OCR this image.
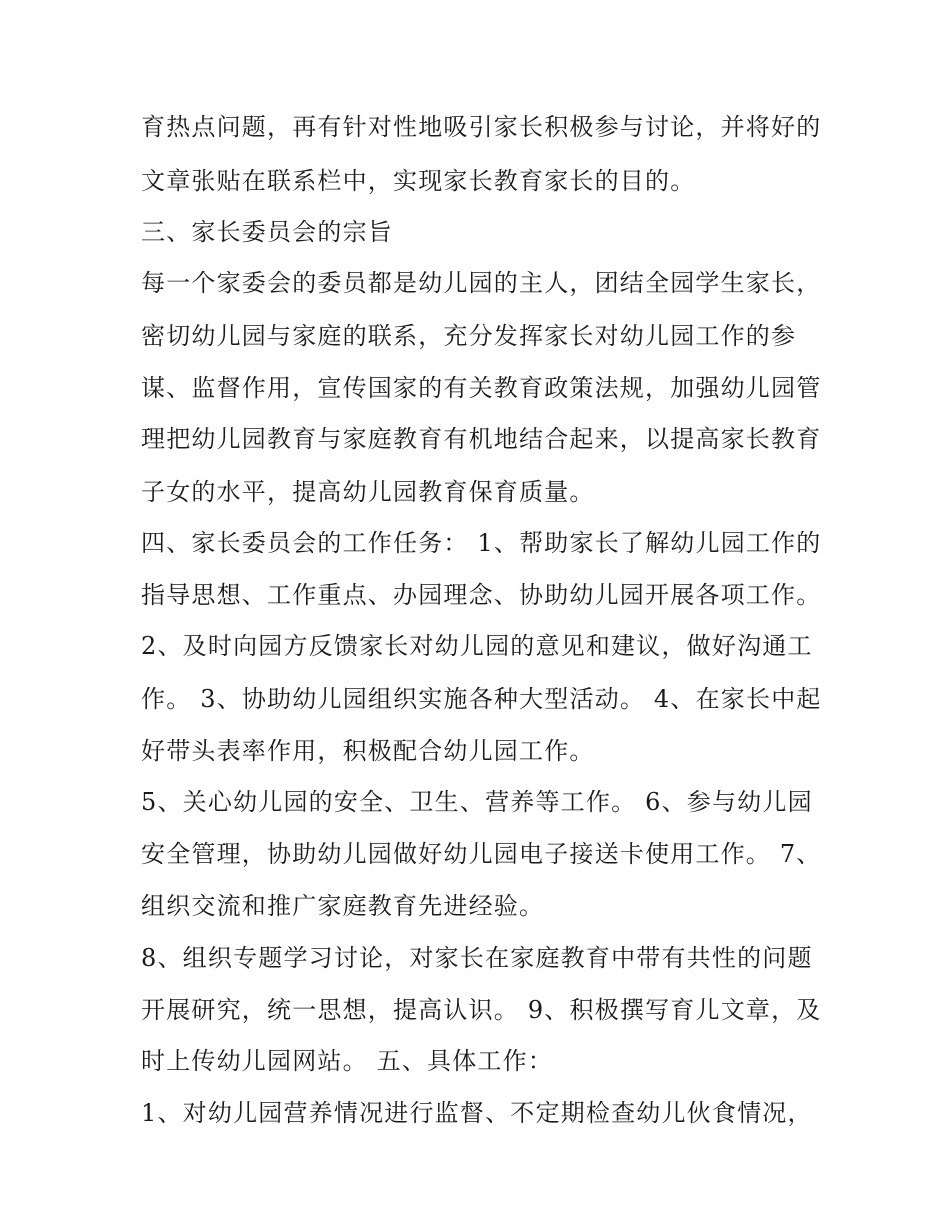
育热点问题，再有针对性地吸引家长积极参与讨论，并将好的
文章张贴在联系栏中，实现家长教育家长的目的。
三、家长委员会的宗旨
每一个家委会的委员都是幼儿园的主人，团结全园学生家长，
密切幼儿园与家庭的联系，充分发挥家长对幼儿园工作的参
谋、监督作用，宣传国家的有关教育政策法规，加强幼儿园管
理把幼儿园教育与家庭教育有机地结合起来，以提高家长教育
子女的水平，提高幼儿园教育保育质量。
四、家长委员会的工作任务： 1、帮助家长了解幼儿园工作的
指导思想、工作重点、办园理念、协助幼儿园开展各项工作。
2、及时向园方反馈家长对幼儿园的意见和建议，做好沟通工
作。 3、协助幼儿园组织实施各种大型活动。 4、在家长中起
好带头表率作用，积极配合幼儿园工作。
5、关心幼儿园的安全、卫生、营养等工作。 6、参与幼儿园
安全管理，协助幼儿园做好幼儿园电子接送卡使用工作。 7、
组织交流和推广家庭教育先进经验。
8、组织专题学习讨论，对家长在家庭教育中带有共性的问题
开展研究，统一思想，提高认识。 9、积极撰写育儿文章，及
时上传幼儿园网站。 五、具体工作：
1、对幼儿园营养情况进行监督、不定期检查幼儿伙食情况，
